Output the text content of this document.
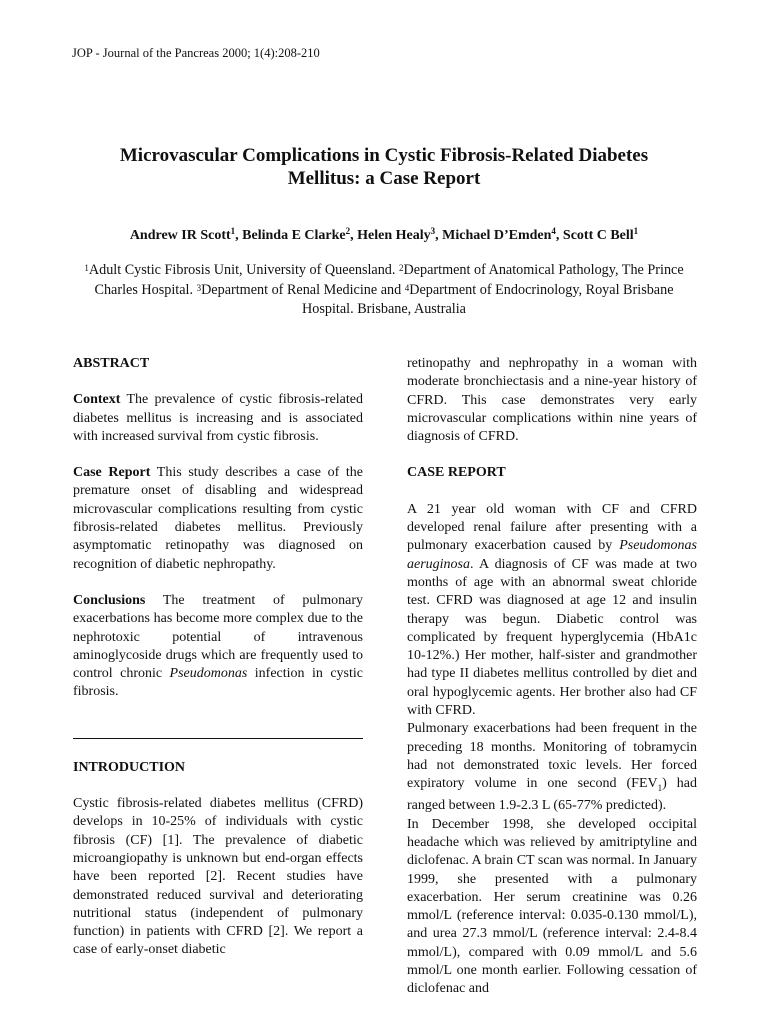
JOP - Journal of the Pancreas 2000; 1(4):208-210
Microvascular Complications in Cystic Fibrosis-Related Diabetes
Mellitus: a Case Report
Andrew IR Scott$^1$, Belinda E Clarke$^2$, Helen Healy$^3$, Michael D’Emden$^4$, Scott C Bell$^1$
$^1$Adult Cystic Fibrosis Unit, University of Queensland. $^2$Department of Anatomical Pathology, The Prince Charles Hospital. $^3$Department of Renal Medicine and $^4$Department of Endocrinology, Royal Brisbane Hospital. Brisbane, Australia
ABSTRACT

Context The prevalence of cystic fibrosis-related diabetes mellitus is increasing and is associated with increased survival from cystic fibrosis.

Case Report This study describes a case of the premature onset of disabling and widespread microvascular complications resulting from cystic fibrosis-related diabetes mellitus. Previously asymptomatic retinopathy was diagnosed on recognition of diabetic nephropathy.

Conclusions The treatment of pulmonary exacerbations has become more complex due to the nephrotoxic potential of intravenous aminoglycoside drugs which are frequently used to control chronic Pseudomonas infection in cystic fibrosis.

INTRODUCTION

Cystic fibrosis-related diabetes mellitus (CFRD) develops in 10-25% of individuals with cystic fibrosis (CF) [1]. The prevalence of diabetic microangiopathy is unknown but end-organ effects have been reported [2]. Recent studies have demonstrated reduced survival and deteriorating nutritional status (independent of pulmonary function) in patients with CFRD [2]. We report a case of early-onset diabetic

retinopathy and nephropathy in a woman with moderate bronchiectasis and a nine-year history of CFRD. This case demonstrates very early microvascular complications within nine years of diagnosis of CFRD.

CASE REPORT

A 21 year old woman with CF and CFRD developed renal failure after presenting with a pulmonary exacerbation caused by Pseudomonas aeruginosa. A diagnosis of CF was made at two months of age with an abnormal sweat chloride test. CFRD was diagnosed at age 12 and insulin therapy was begun. Diabetic control was complicated by frequent hyperglycemia (HbA1c 10-12%.) Her mother, half-sister and grandmother had type II diabetes mellitus controlled by diet and oral hypoglycemic agents. Her brother also had CF with CFRD.

Pulmonary exacerbations had been frequent in the preceding 18 months. Monitoring of tobramycin had not demonstrated toxic levels. Her forced expiratory volume in one second $(FEV_1)$ had ranged between 1.9-2.3 L (65-77% predicted).

In December 1998, she developed occipital headache which was relieved by amitriptyline and diclofenac. A brain CT scan was normal. In January 1999, she presented with a pulmonary exacerbation. Her serum creatinine was 0.26 mmol/L (reference interval: 0.035-0.130 mmol/L), and urea 27.3 mmol/L (reference interval: 2.4-8.4 mmol/L), compared with 0.09 mmol/L and 5.6 mmol/L one month earlier. Following cessation of diclofenac and
